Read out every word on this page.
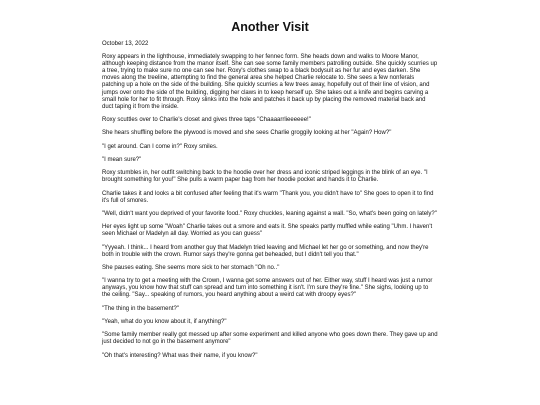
Another Visit
October 13, 2022

Roxy appears in the lighthouse, immediately swapping to her fennec form. She heads down and walks to Moore Manor, although keeping distance from the manor itself. She can see some family members patrolling outside. She quickly scurries up a tree, trying to make sure no one can see her. Roxy's clothes swap to a black bodysuit as her fur and eyes darken. She moves along the treeline, attempting to find the general area she helped Charlie relocate to. She sees a few nonferals patching up a hole on the side of the building. She quickly scurries a few trees away, hopefully out of their line of vision, and jumps over onto the side of the building, digging her claws in to keep herself up. She takes out a knife and begins carving a small hole for her to fit through. Roxy slinks into the hole and patches it back up by placing the removed material back and duct taping it from the inside.

Roxy scuttles over to Charlie's closet and gives three taps "Chaaaarrlieeeeee!"

She hears shuffling before the plywood is moved and she sees Charlie groggily looking at her "Again? How?"

"I get around. Can I come in?" Roxy smiles.

"I mean sure?"

Roxy stumbles in, her outfit switching back to the hoodie over her dress and iconic striped leggings in the blink of an eye. "I brought something for you!" She pulls a warm paper bag from her hoodie pocket and hands it to Charlie.

Charlie takes it and looks a bit confused after feeling that it's warm "Thank you, you didn't have to" She goes to open it to find it's full of smores.

"Well, didn't want you deprived of your favorite food." Roxy chuckles, leaning against a wall. "So, what's been going on lately?"

Her eyes light up some "Woah" Charlie takes out a smore and eats it. She speaks partly muffled while eating "Uhm. I haven't seen Michael or Madelyn all day. Worried as you can guess"

"Yyyeah. I think... I heard from another guy that Madelyn tried leaving and Michael let her go or something, and now they're both in trouble with the crown. Rumor says they're gonna get beheaded, but I didn't tell you that."

She pauses eating. She seems more sick to her stomach "Oh no.."

"I wanna try to get a meeting with the Crown, I wanna get some answers out of her. Either way, stuff I heard was just a rumor anyways, you know how that stuff can spread and turn into something it isn't. I'm sure they're fine." She sighs, looking up to the ceiling. "Say... speaking of rumors, you heard anything about a weird cat with droopy eyes?"

"The thing in the basement?"

"Yeah, what do you know about it, if anything?"

"Some family member really got messed up after some experiment and killed anyone who goes down there. They gave up and just decided to not go in the basement anymore"

"Oh that's interesting? What was their name, if you know?"
